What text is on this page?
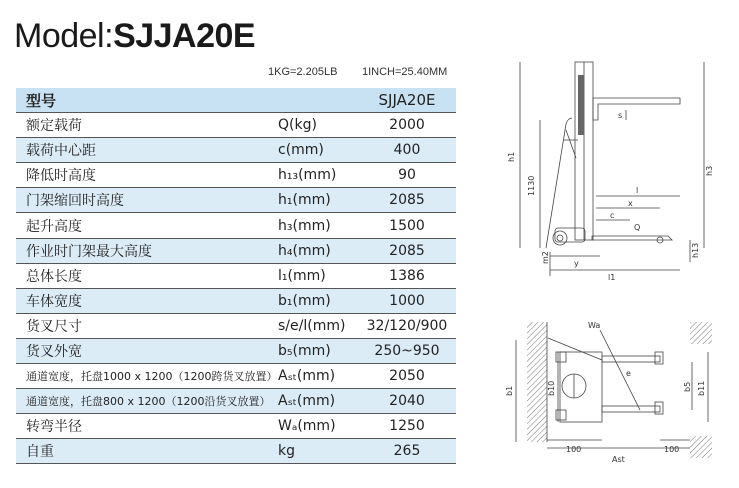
Model:SJJA20E
1KG=2.205LB 1INCH=25.40MM
型号		SJJA20E
额定载荷	Q(kg)	2000
载荷中心距	c(mm)	400
降低时高度	h₁₃(mm)	90
门架缩回时高度	h₁(mm)	2085
起升高度	h₃(mm)	1500
作业时门架最大高度	h₄(mm)	2085
总体长度	l₁(mm)	1386
车体宽度	b₁(mm)	1000
货叉尺寸	s/e/l(mm)	32/120/900
货叉外宽	b₅(mm)	250~950
通道宽度，托盘1000 x 1200（1200跨货叉放置）	Aₛₜ(mm)	2050
通道宽度，托盘800 x 1200（1200沿货叉放置）	Aₛₜ(mm)	2040
转弯半径	Wₐ(mm)	1250
自重	kg	265
h1
1130
h3
h13
m2
s
l
x
c
Q
y
l1
Wa
b1	b10
e
b5 b11
100	100
Ast
